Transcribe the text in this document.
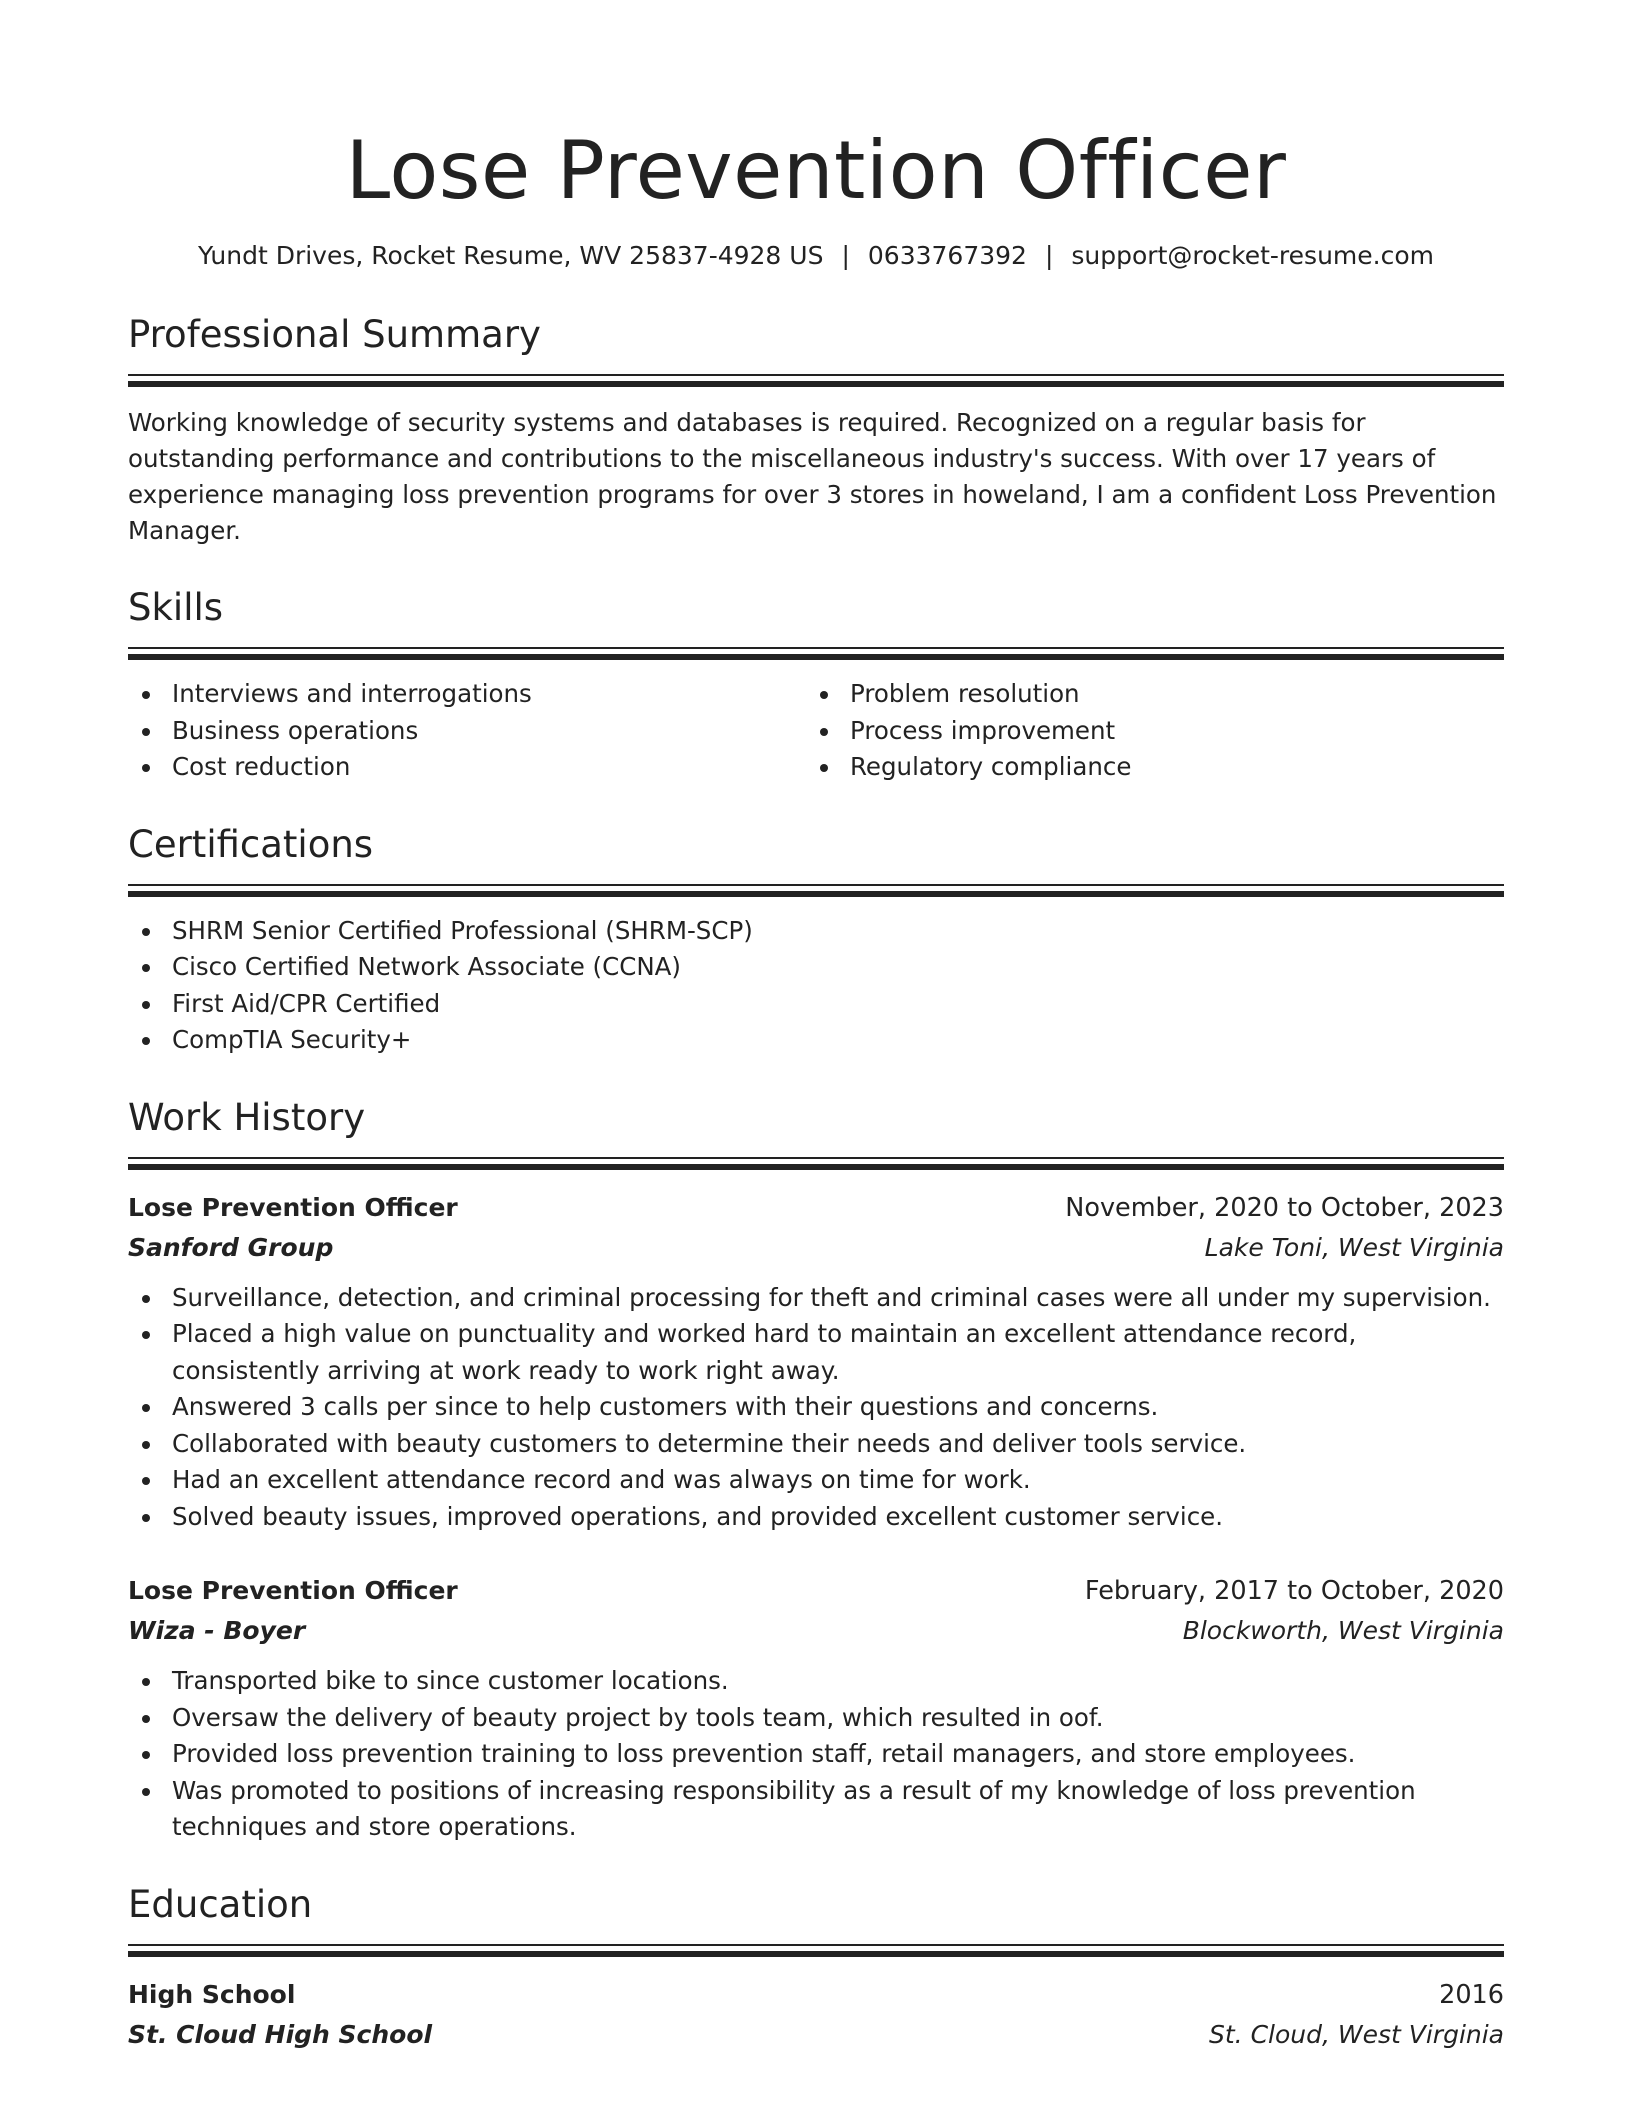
Lose Prevention Officer
Yundt Drives, Rocket Resume, WV 25837-4928 US | 0633767392 | support@rocket-resume.com
Professional Summary
Working knowledge of security systems and databases is required. Recognized on a regular basis for outstanding performance and contributions to the miscellaneous industry's success. With over 17 years of experience managing loss prevention programs for over 3 stores in howeland, I am a confident Loss Prevention Manager.
Skills
Interviews and interrogations
Business operations
Cost reduction
Problem resolution
Process improvement
Regulatory compliance
Certifications
SHRM Senior Certified Professional (SHRM-SCP)
Cisco Certified Network Associate (CCNA)
First Aid/CPR Certified
CompTIA Security+
Work History
Lose Prevention Officer	November, 2020 to October, 2023
Sanford Group	Lake Toni, West Virginia
Surveillance, detection, and criminal processing for theft and criminal cases were all under my supervision.
Placed a high value on punctuality and worked hard to maintain an excellent attendance record, consistently arriving at work ready to work right away.
Answered 3 calls per since to help customers with their questions and concerns.
Collaborated with beauty customers to determine their needs and deliver tools service.
Had an excellent attendance record and was always on time for work.
Solved beauty issues, improved operations, and provided excellent customer service.
Lose Prevention Officer	February, 2017 to October, 2020
Wiza - Boyer	Blockworth, West Virginia
Transported bike to since customer locations.
Oversaw the delivery of beauty project by tools team, which resulted in oof.
Provided loss prevention training to loss prevention staff, retail managers, and store employees.
Was promoted to positions of increasing responsibility as a result of my knowledge of loss prevention techniques and store operations.
Education
High School	2016
St. Cloud High School	St. Cloud, West Virginia
